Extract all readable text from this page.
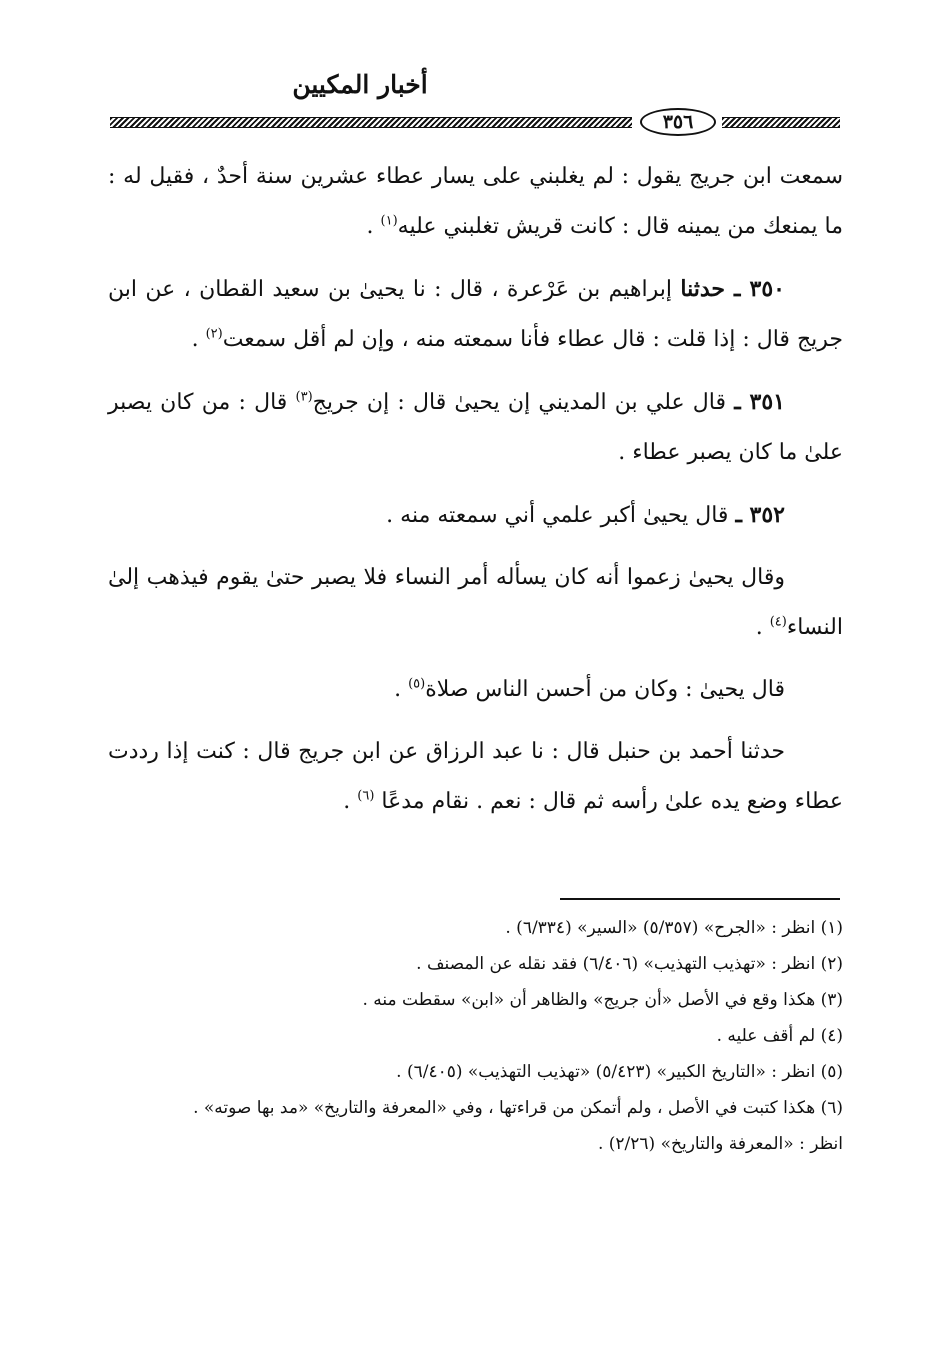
أخبار المكيين
٣٥٦

سمعت ابن جريج يقول : لم يغلبني على يسار عطاء عشرين سنة أحدٌ ، فقيل له : ما يمنعك من يمينه قال : كانت قريش تغلبني عليه$^{(١)}$ .

٣٥٠ ـ حدثنا إبراهيم بن عَرْعرة ، قال : نا يحيىٰ بن سعيد القطان ، عن ابن جريج قال : إذا قلت : قال عطاء فأنا سمعته منه ، وإن لم أقل سمعت$^{(٢)}$ .

٣٥١ ـ قال علي بن المديني إن يحيىٰ قال : إن جريج$^{(٣)}$ قال : من كان يصبر علىٰ ما كان يصبر عطاء .

٣٥٢ ـ قال يحيىٰ أكبر علمي أني سمعته منه .

وقال يحيىٰ زعموا أنه كان يسأله أمر النساء فلا يصبر حتىٰ يقوم فيذهب إلىٰ النساء$^{(٤)}$ .

قال يحيىٰ : وكان من أحسن الناس صلاة$^{(٥)}$ .

حدثنا أحمد بن حنبل قال : نا عبد الرزاق عن ابن جريج قال : كنت إذا رددت عطاء وضع يده علىٰ رأسه ثم قال : نعم . نقام مدعًا $^{(٦)}$ .

(١) انظر : «الجرح» (٥/٣٥٧) «السير» (٦/٣٣٤) .

(٢) انظر : «تهذيب التهذيب» (٦/٤٠٦) فقد نقله عن المصنف .

(٣) هكذا وقع في الأصل «أن جريج» والظاهر أن «ابن» سقطت منه .

(٤) لم أقف عليه .

(٥) انظر : «التاريخ الكبير» (٥/٤٢٣) «تهذيب التهذيب» (٦/٤٠٥) .

(٦) هكذا كتبت في الأصل ، ولم أتمكن من قراءتها ، وفي «المعرفة والتاريخ» «مد بها صوته» .

انظر : «المعرفة والتاريخ» (٢/٢٦) .
